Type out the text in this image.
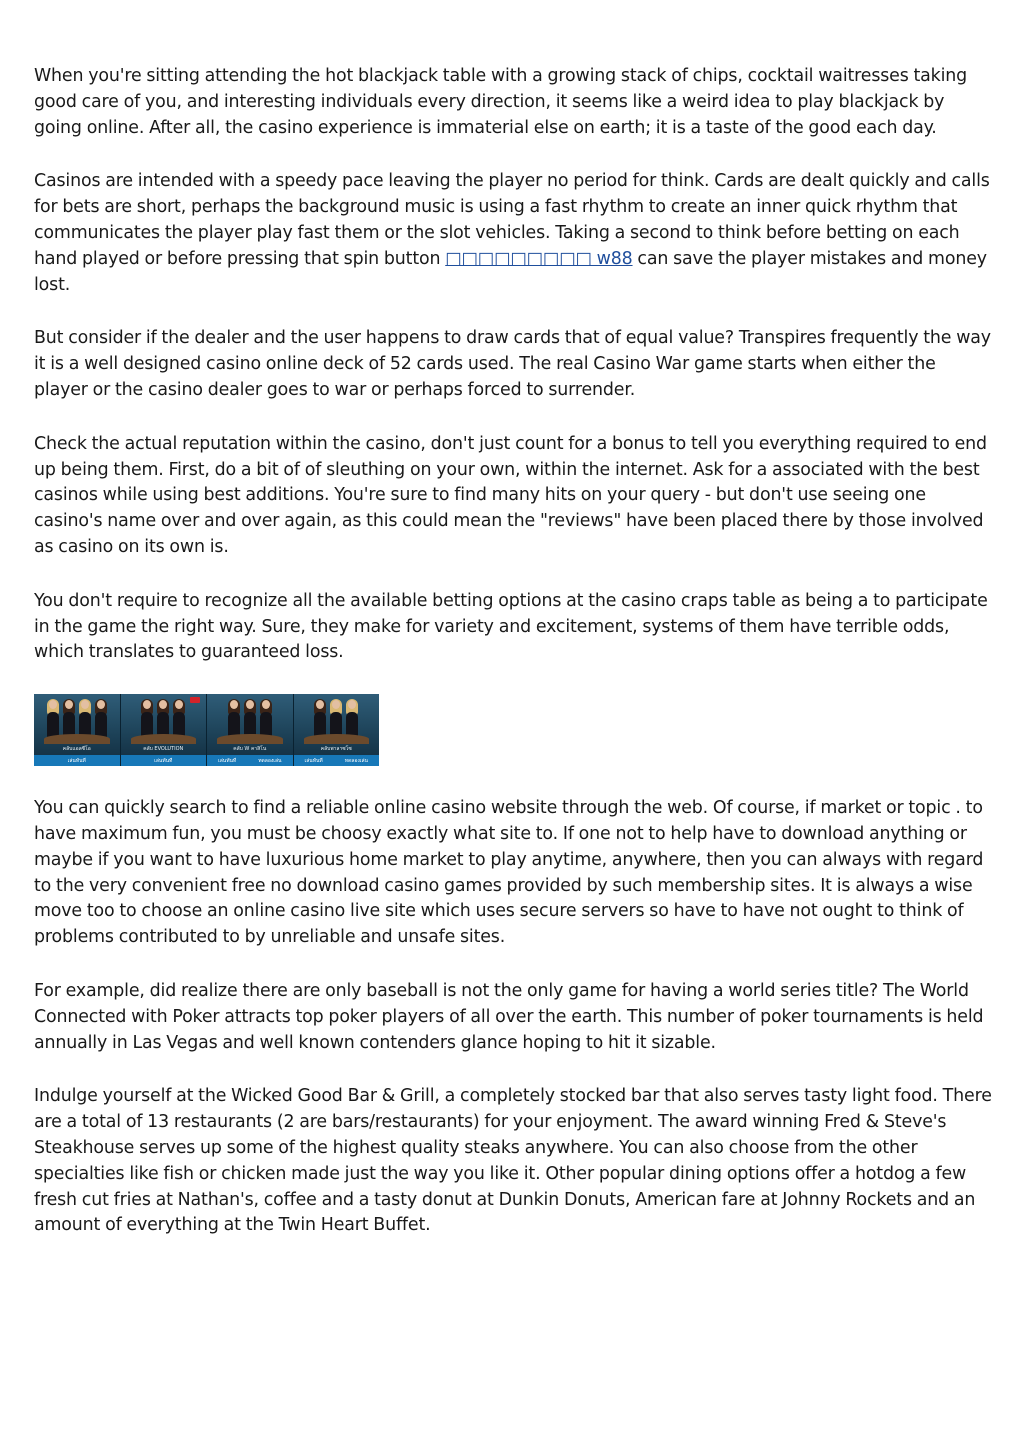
When you're sitting attending the hot blackjack table with a growing stack of chips, cocktail waitresses taking good care of you, and interesting individuals every direction, it seems like a weird idea to play blackjack by going online. After all, the casino experience is immaterial else on earth; it is a taste of the good each day.

Casinos are intended with a speedy pace leaving the player no period for think. Cards are dealt quickly and calls for bets are short, perhaps the background music is using a fast rhythm to create an inner quick rhythm that communicates the player play fast them or the slot vehicles. Taking a second to think before betting on each hand played or before pressing that spin button □□□□□□□□□ w88 can save the player mistakes and money lost.

But consider if the dealer and the user happens to draw cards that of equal value? Transpires frequently the way it is a well designed casino online deck of 52 cards used. The real Casino War game starts when either the player or the casino dealer goes to war or perhaps forced to surrender.

Check the actual reputation within the casino, don't just count for a bonus to tell you everything required to end up being them. First, do a bit of of sleuthing on your own, within the internet. Ask for a associated with the best casinos while using best additions. You're sure to find many hits on your query - but don't use seeing one casino's name over and over again, as this could mean the "reviews" have been placed there by those involved as casino on its own is.

You don't require to recognize all the available betting options at the casino craps table as being a to participate in the game the right way. Sure, they make for variety and excitement, systems of them have terrible odds, which translates to guaranteed loss.

คลับแอลซีโอ
เล่นทันที
คลับ EVOLUTION
เล่นทันที
คลับ W คาสิโน
เล่นทันที	ทดลองเล่น
คลับพาลาซโซ
เล่นทันที	ทดลองเล่น

You can quickly search to find a reliable online casino website through the web. Of course, if market or topic . to have maximum fun, you must be choosy exactly what site to. If one not to help have to download anything or maybe if you want to have luxurious home market to play anytime, anywhere, then you can always with regard to the very convenient free no download casino games provided by such membership sites. It is always a wise move too to choose an online casino live site which uses secure servers so have to have not ought to think of problems contributed to by unreliable and unsafe sites.

For example, did realize there are only baseball is not the only game for having a world series title? The World Connected with Poker attracts top poker players of all over the earth. This number of poker tournaments is held annually in Las Vegas and well known contenders glance hoping to hit it sizable.

Indulge yourself at the Wicked Good Bar & Grill, a completely stocked bar that also serves tasty light food. There are a total of 13 restaurants (2 are bars/restaurants) for your enjoyment. The award winning Fred & Steve's Steakhouse serves up some of the highest quality steaks anywhere. You can also choose from the other specialties like fish or chicken made just the way you like it. Other popular dining options offer a hotdog a few fresh cut fries at Nathan's, coffee and a tasty donut at Dunkin Donuts, American fare at Johnny Rockets and an amount of everything at the Twin Heart Buffet.
